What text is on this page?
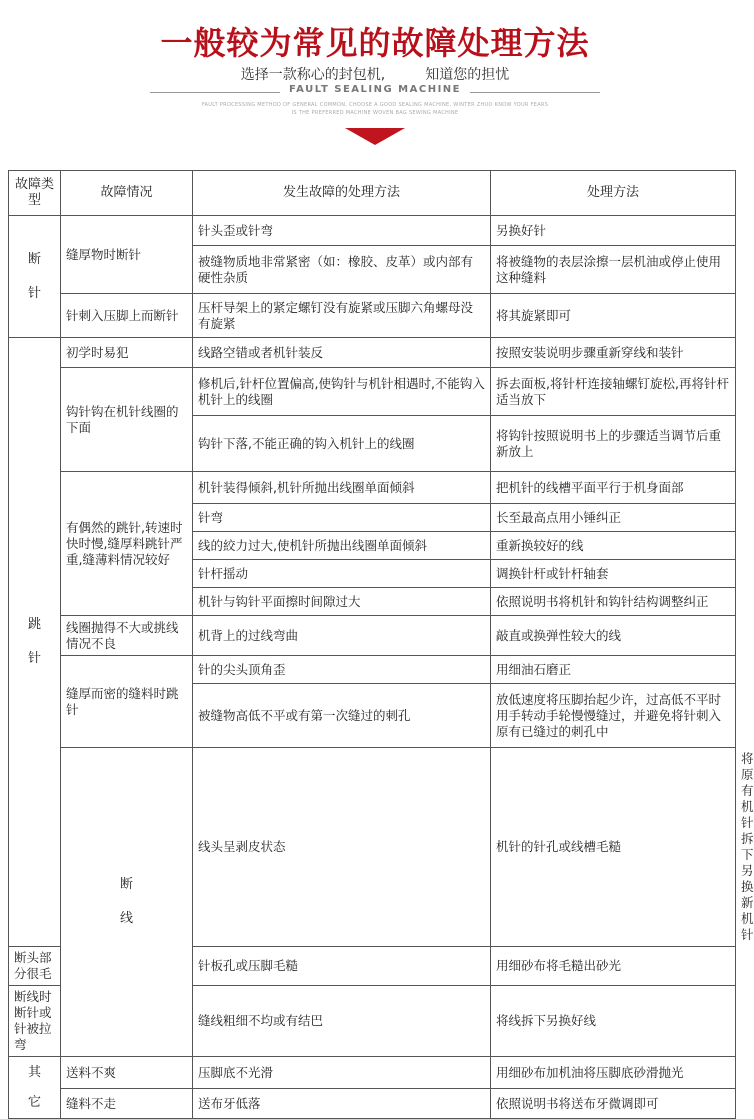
一般较为常见的故障处理方法
选择一款称心的封包机,	知道您的担忧
FAULT SEALING MACHINE
FAULT PROCESSING METHOD OF GENERAL COMMON, CHOOSE A GOOD SEALING MACHINE, WINTER ZHUO KNOW YOUR FEARS
IS THE PREFERRED MACHINE WOVEN BAG SEWING MACHINE
故障类型	故障情况	发生故障的处理方法	处理方法	

断
针	缝厚物时断针	针头歪或针弯	另换好针	
		被缝物质地非常紧密（如：橡胶、皮革）或内部有硬性杂质	将被缝物的表层涂擦一层机油或停止使用这种缝料	
	针刺入压脚上而断针	压杆导架上的紧定螺钉没有旋紧或压脚六角螺母没有旋紧	将其旋紧即可	

跳
针	初学时易犯	线路空错或者机针装反	按照安装说明步骤重新穿线和装针	
	钩针钩在机针线圈的下面	修机后,针杆位置偏高,使钩针与机针相遇时,不能钩入机针上的线圈	拆去面板,将针杆连接轴螺钉旋松,再将针杆适当放下	
		钩针下落,不能正确的钩入机针上的线圈	将钩针按照说明书上的步骤适当调节后重新放上	
	有偶然的跳针,转速时快时慢,缝厚料跳针严重,缝薄料情况较好	机针装得倾斜,机针所抛出线圈单面倾斜	把机针的线槽平面平行于机身面部	
		针弯	长至最高点用小锤纠正	
		线的絞力过大,使机针所抛出线圈单面倾斜	重新换较好的线	
		针杆摇动	调换针杆或针杆轴套	
		机针与钩针平面擦时间隙过大	依照说明书将机针和钩针结构调整纠正	
	线圈抛得不大或挑线情况不良	机背上的过线弯曲	敲直或换弹性较大的线	
	缝厚而密的缝料时跳针	针的尖头顶角歪	用细油石磨正	
		被缝物高低不平或有第一次缝过的刺孔	放低速度将压脚抬起少许，过高低不平时用手转动手轮慢慢缝过，并避免将针刺入原有已缝过的刺孔中	

	断
线	线头呈剥皮状态	机针的针孔或线槽毛糙	将原有机针拆下另换新机针
断头部分很毛		针板孔或压脚毛糙	用细砂布将毛糙出砂光	
断线时断针或针被拉弯		缝线粗细不均或有结巴	将线拆下另换好线	

其
它	送料不爽	压脚底不光滑	用细砂布加机油将压脚底砂滑抛光	
	缝料不走	送布牙低落	依照说明书将送布牙微调即可	
